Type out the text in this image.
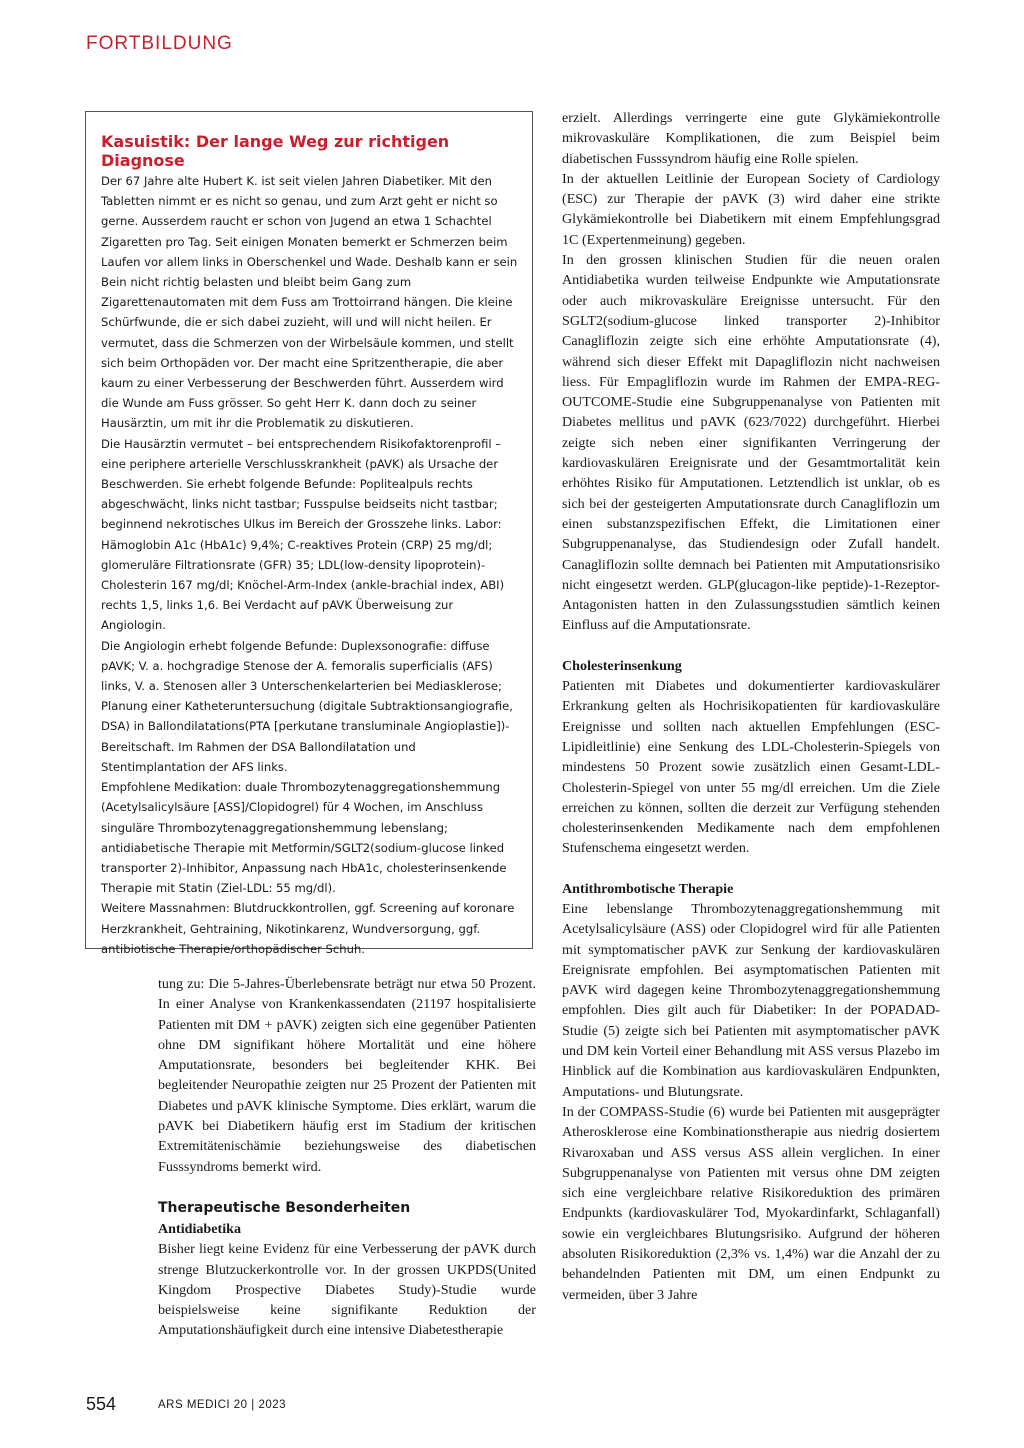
FORTBILDUNG
Kasuistik: Der lange Weg zur richtigen Diagnose

Der 67 Jahre alte Hubert K. ist seit vielen Jahren Diabetiker. Mit den Tabletten nimmt er es nicht so genau, und zum Arzt geht er nicht so gerne. Ausserdem raucht er schon von Jugend an etwa 1 Schachtel Zigaretten pro Tag. Seit einigen Monaten bemerkt er Schmerzen beim Laufen vor allem links in Oberschenkel und Wade. Deshalb kann er sein Bein nicht richtig belasten und bleibt beim Gang zum Zigarettenautomaten mit dem Fuss am Trottoirrand hängen. Die kleine Schürfwunde, die er sich dabei zuzieht, will und will nicht heilen. Er vermutet, dass die Schmerzen von der Wirbelsäule kommen, und stellt sich beim Orthopäden vor. Der macht eine Spritzentherapie, die aber kaum zu einer Verbesserung der Beschwerden führt. Ausserdem wird die Wunde am Fuss grösser. So geht Herr K. dann doch zu seiner Hausärztin, um mit ihr die Problematik zu diskutieren.

Die Hausärztin vermutet – bei entsprechendem Risikofaktorenprofil – eine periphere arterielle Verschlusskrankheit (pAVK) als Ursache der Beschwerden. Sie erhebt folgende Befunde: Poplitealpuls rechts abgeschwächt, links nicht tastbar; Fusspulse beidseits nicht tastbar; beginnend nekrotisches Ulkus im Bereich der Grosszehe links. Labor: Hämoglobin A1c (HbA1c) 9,4%; C-reaktives Protein (CRP) 25 mg/dl; glomeruläre Filtrationsrate (GFR) 35; LDL(low-density lipoprotein)-Cholesterin 167 mg/dl; Knöchel-Arm-Index (ankle-brachial index, ABI) rechts 1,5, links 1,6. Bei Verdacht auf pAVK Überweisung zur Angiologin.

Die Angiologin erhebt folgende Befunde: Duplexsonografie: diffuse pAVK; V. a. hochgradige Stenose der A. femoralis superficialis (AFS) links, V. a. Stenosen aller 3 Unterschenkelarterien bei Mediasklerose; Planung einer Katheteruntersuchung (digitale Subtraktionsangiografie, DSA) in Ballondilatations(PTA [perkutane transluminale Angioplastie])-Bereitschaft. Im Rahmen der DSA Ballondilatation und Stentimplantation der AFS links.

Empfohlene Medikation: duale Thrombozytenaggregationshemmung (Acetylsalicylsäure [ASS]/Clopidogrel) für 4 Wochen, im Anschluss singuläre Thrombozytenaggregationshemmung lebenslang; antidiabetische Therapie mit Metformin/SGLT2(sodium-glucose linked transporter 2)-Inhibitor, Anpassung nach HbA1c, cholesterinsenkende Therapie mit Statin (Ziel-LDL: 55 mg/dl).

Weitere Massnahmen: Blutdruckkontrollen, ggf. Screening auf koronare Herzkrankheit, Gehtraining, Nikotinkarenz, Wundversorgung, ggf. antibiotische Therapie/orthopädischer Schuh.

tung zu: Die 5-Jahres-Überlebensrate beträgt nur etwa 50 Prozent. In einer Analyse von Krankenkassendaten (21197 hospitalisierte Patienten mit DM + pAVK) zeigten sich eine gegenüber Patienten ohne DM signifikant höhere Mortalität und eine höhere Amputationsrate, besonders bei begleitender KHK. Bei begleitender Neuropathie zeigten nur 25 Prozent der Patienten mit Diabetes und pAVK klinische Symptome. Dies erklärt, warum die pAVK bei Diabetikern häufig erst im Stadium der kritischen Extremitätenischämie beziehungsweise des diabetischen Fusssyndroms bemerkt wird.

Therapeutische Besonderheiten
Antidiabetika

Bisher liegt keine Evidenz für eine Verbesserung der pAVK durch strenge Blutzuckerkontrolle vor. In der grossen UKPDS(United Kingdom Prospective Diabetes Study)-Studie wurde beispielsweise keine signifikante Reduktion der Amputationshäufigkeit durch eine intensive Diabetestherapie

erzielt. Allerdings verringerte eine gute Glykämiekontrolle mikrovaskuläre Komplikationen, die zum Beispiel beim diabetischen Fusssyndrom häufig eine Rolle spielen.

In der aktuellen Leitlinie der European Society of Cardiology (ESC) zur Therapie der pAVK (3) wird daher eine strikte Glykämiekontrolle bei Diabetikern mit einem Empfehlungsgrad 1C (Expertenmeinung) gegeben.

In den grossen klinischen Studien für die neuen oralen Antidiabetika wurden teilweise Endpunkte wie Amputationsrate oder auch mikrovaskuläre Ereignisse untersucht. Für den SGLT2(sodium-glucose linked transporter 2)-Inhibitor Canagliflozin zeigte sich eine erhöhte Amputationsrate (4), während sich dieser Effekt mit Dapagliflozin nicht nachweisen liess. Für Empagliflozin wurde im Rahmen der EMPA-REG-OUTCOME-Studie eine Subgruppenanalyse von Patienten mit Diabetes mellitus und pAVK (623/7022) durchgeführt. Hierbei zeigte sich neben einer signifikanten Verringerung der kardiovaskulären Ereignisrate und der Gesamtmortalität kein erhöhtes Risiko für Amputationen. Letztendlich ist unklar, ob es sich bei der gesteigerten Amputationsrate durch Canagliflozin um einen substanzspezifischen Effekt, die Limitationen einer Subgruppenanalyse, das Studiendesign oder Zufall handelt. Canagliflozin sollte demnach bei Patienten mit Amputationsrisiko nicht eingesetzt werden. GLP(glucagon-like peptide)-1-Rezeptor-Antagonisten hatten in den Zulassungsstudien sämtlich keinen Einfluss auf die Amputationsrate.

Cholesterinsenkung

Patienten mit Diabetes und dokumentierter kardiovaskulärer Erkrankung gelten als Hochrisikopatienten für kardiovaskuläre Ereignisse und sollten nach aktuellen Empfehlungen (ESC-Lipidleitlinie) eine Senkung des LDL-Cholesterin-Spiegels von mindestens 50 Prozent sowie zusätzlich einen Gesamt-LDL-Cholesterin-Spiegel von unter 55 mg/dl erreichen. Um die Ziele erreichen zu können, sollten die derzeit zur Verfügung stehenden cholesterinsenkenden Medikamente nach dem empfohlenen Stufenschema eingesetzt werden.

Antithrombotische Therapie

Eine lebenslange Thrombozytenaggregationshemmung mit Acetylsalicylsäure (ASS) oder Clopidogrel wird für alle Patienten mit symptomatischer pAVK zur Senkung der kardiovaskulären Ereignisrate empfohlen. Bei asymptomatischen Patienten mit pAVK wird dagegen keine Thrombozytenaggregationshemmung empfohlen. Dies gilt auch für Diabetiker: In der POPADAD-Studie (5) zeigte sich bei Patienten mit asymptomatischer pAVK und DM kein Vorteil einer Behandlung mit ASS versus Plazebo im Hinblick auf die Kombination aus kardiovaskulären Endpunkten, Amputations- und Blutungsrate.

In der COMPASS-Studie (6) wurde bei Patienten mit ausgeprägter Atherosklerose eine Kombinationstherapie aus niedrig dosiertem Rivaroxaban und ASS versus ASS allein verglichen. In einer Subgruppenanalyse von Patienten mit versus ohne DM zeigten sich eine vergleichbare relative Risikoreduktion des primären Endpunkts (kardiovaskulärer Tod, Myokardinfarkt, Schlaganfall) sowie ein vergleichbares Blutungsrisiko. Aufgrund der höheren absoluten Risikoreduktion (2,3% vs. 1,4%) war die Anzahl der zu behandelnden Patienten mit DM, um einen Endpunkt zu vermeiden, über 3 Jahre

554	ARS MEDICI 20 | 2023
